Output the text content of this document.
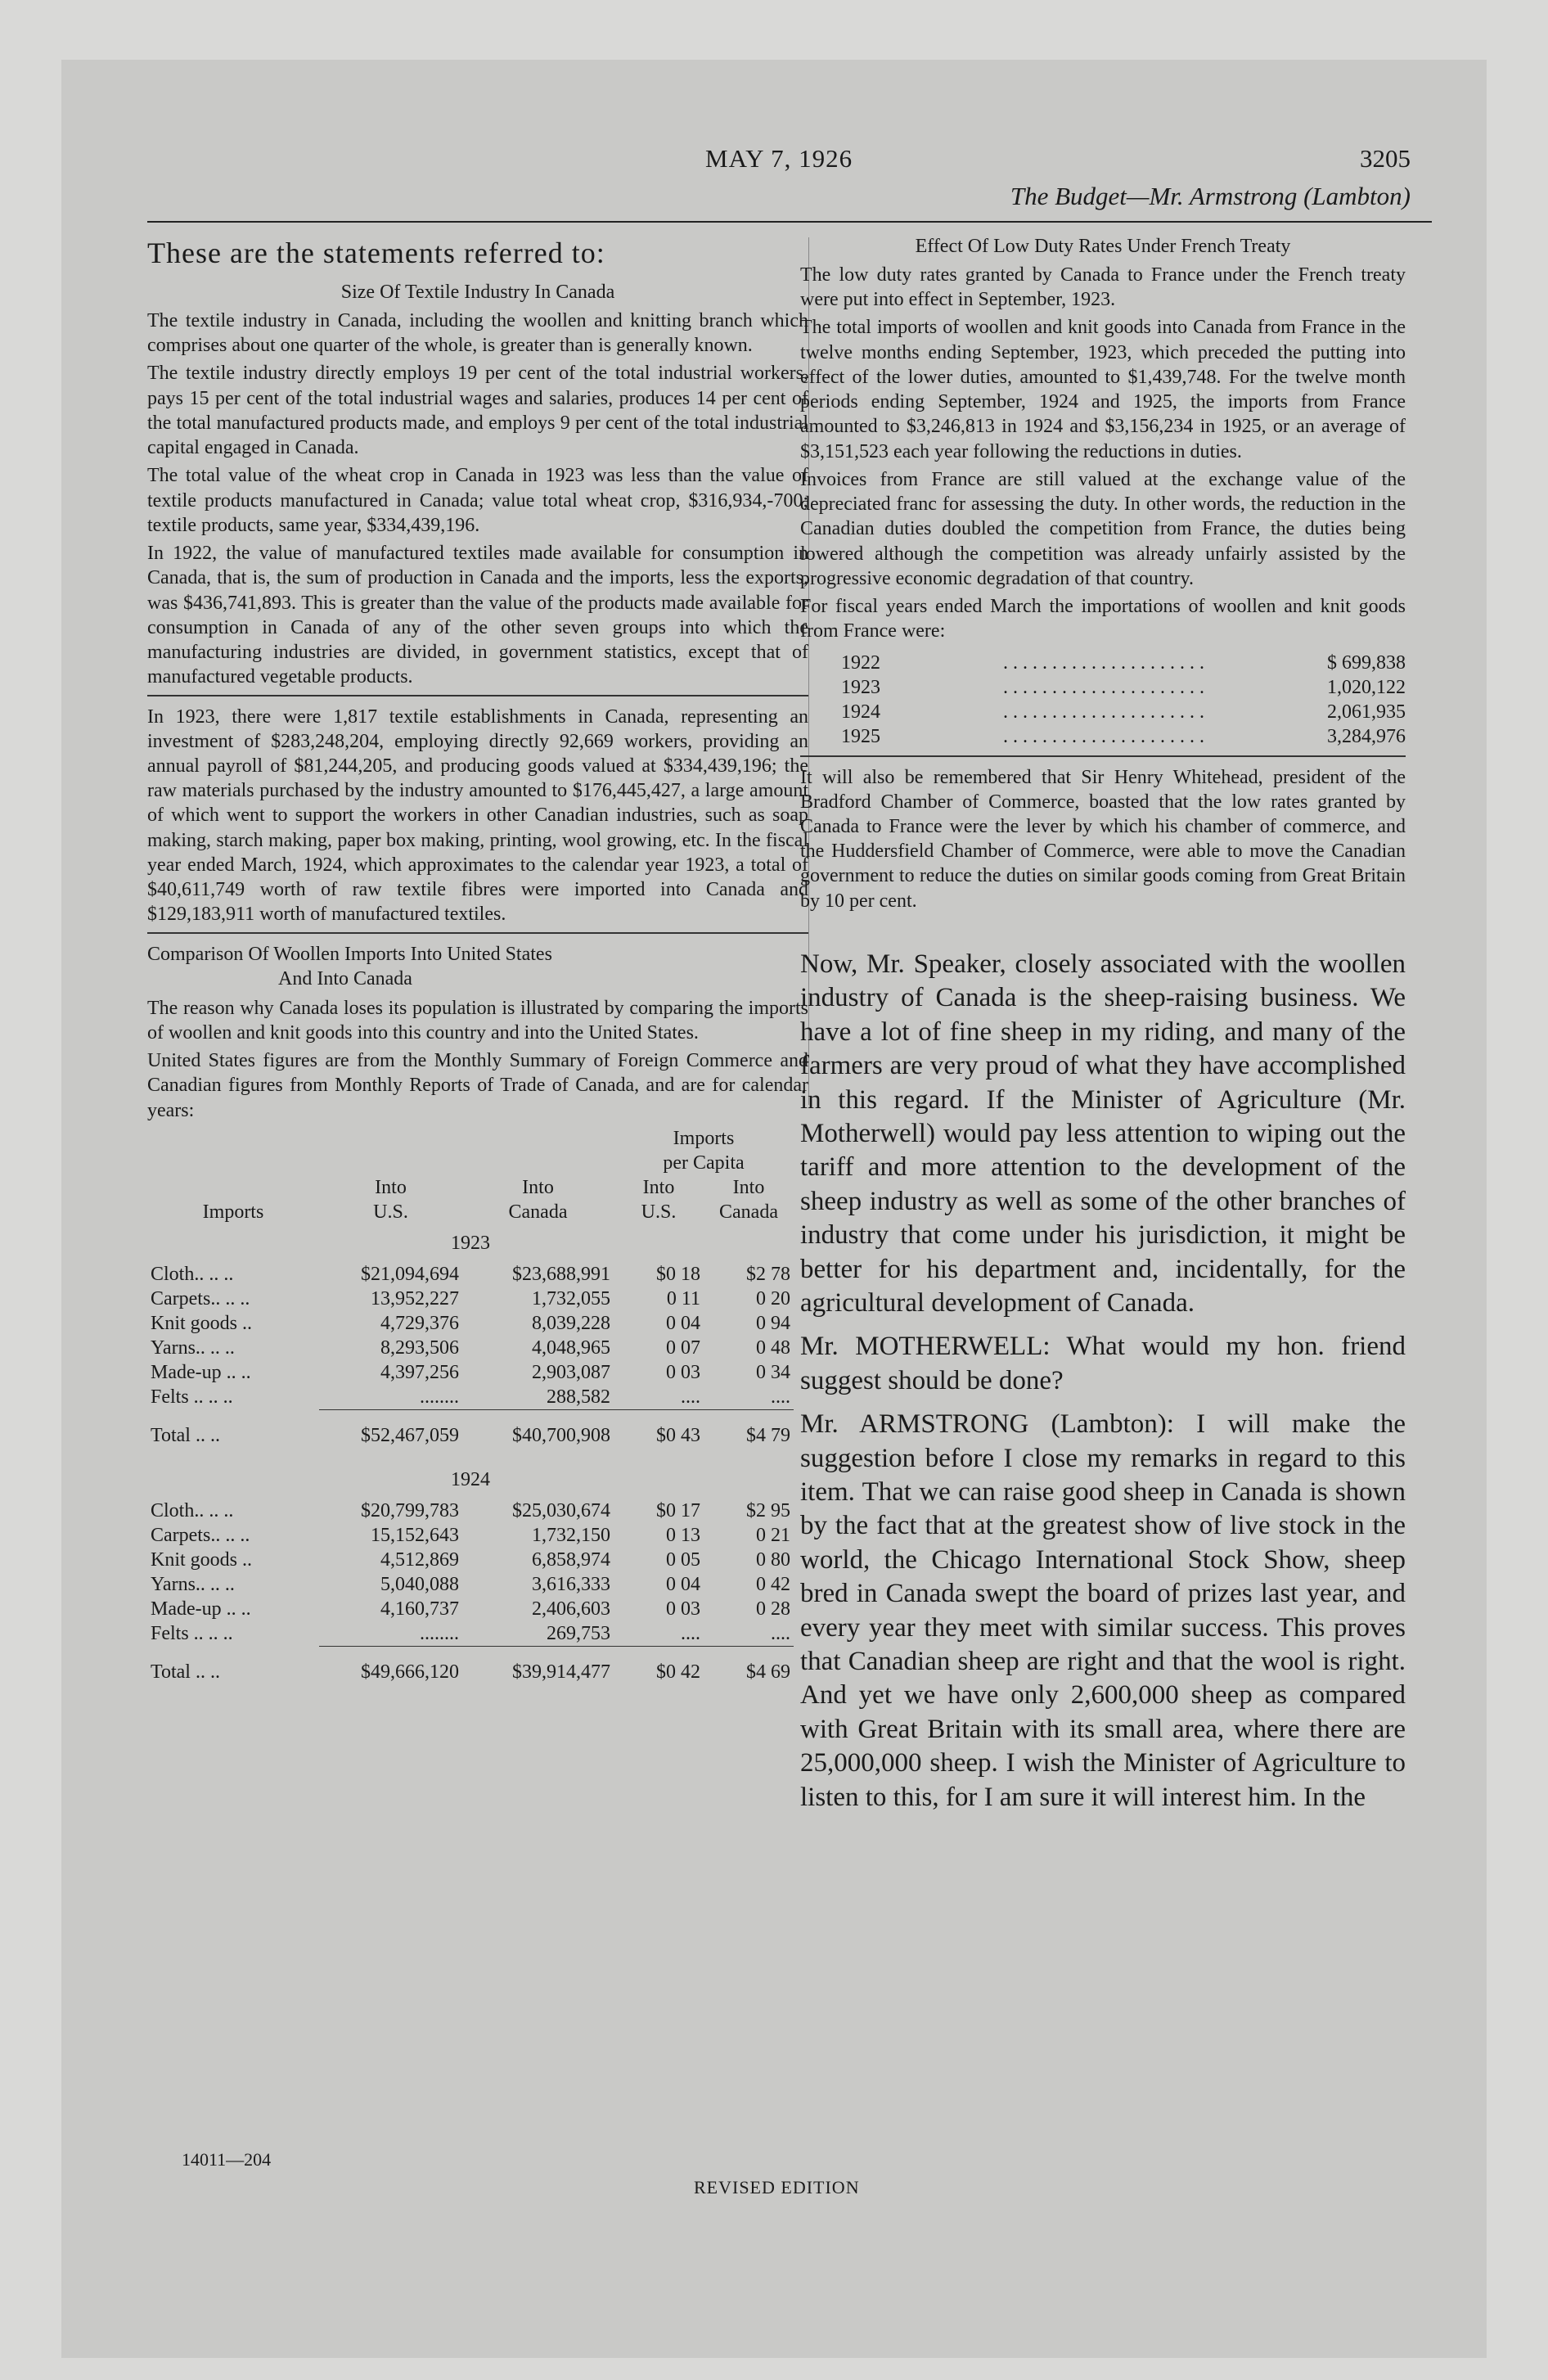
MAY 7, 1926	3205
The Budget—Mr. Armstrong (Lambton)
These are the statements referred to:
Size Of Textile Industry In Canada

The textile industry in Canada, including the woollen and knitting branch which comprises about one quarter of the whole, is greater than is generally known.

The textile industry directly employs 19 per cent of the total industrial workers, pays 15 per cent of the total industrial wages and salaries, produces 14 per cent of the total manufactured products made, and employs 9 per cent of the total industrial capital engaged in Canada.

The total value of the wheat crop in Canada in 1923 was less than the value of textile products manufactured in Canada; value total wheat crop, $316,934,-700; textile products, same year, $334,439,196.

In 1922, the value of manufactured textiles made available for consumption in Canada, that is, the sum of production in Canada and the imports, less the exports, was $436,741,893. This is greater than the value of the products made available for consumption in Canada of any of the other seven groups into which the manufacturing industries are divided, in government statistics, except that of manufactured vegetable products.

In 1923, there were 1,817 textile establishments in Canada, representing an investment of $283,248,204, employing directly 92,669 workers, providing an annual payroll of $81,244,205, and producing goods valued at $334,439,196; the raw materials purchased by the industry amounted to $176,445,427, a large amount of which went to support the workers in other Canadian industries, such as soap making, starch making, paper box making, printing, wool growing, etc. In the fiscal year ended March, 1924, which approximates to the calendar year 1923, a total of $40,611,749 worth of raw textile fibres were imported into Canada and $129,183,911 worth of manufactured textiles.

Comparison Of Woollen Imports Into United States
And Into Canada

The reason why Canada loses its population is illustrated by comparing the imports of woollen and knit goods into this country and into the United States.

United States figures are from the Monthly Summary of Foreign Commerce and Canadian figures from Monthly Reports of Trade of Canada, and are for calendar years:

			Imports	
			per Capita	
	Into	Into	Into	Into
Imports	U.S.	Canada	U.S.	Canada
1923				
Cloth.. .. ..	$21,094,694	$23,688,991	$0 18	$2 78
Carpets.. .. ..	13,952,227	1,732,055	0 11	0 20
Knit goods ..	4,729,376	8,039,228	0 04	0 94
Yarns.. .. ..	8,293,506	4,048,965	0 07	0 48
Made-up .. ..	4,397,256	2,903,087	0 03	0 34
Felts .. .. ..	........	288,582	....	....
Total .. ..	$52,467,059	$40,700,908	$0 43	$4 79
1924				
Cloth.. .. ..	$20,799,783	$25,030,674	$0 17	$2 95
Carpets.. .. ..	15,152,643	1,732,150	0 13	0 21
Knit goods ..	4,512,869	6,858,974	0 05	0 80
Yarns.. .. ..	5,040,088	3,616,333	0 04	0 42
Made-up .. ..	4,160,737	2,406,603	0 03	0 28
Felts .. .. ..	........	269,753	....	....
Total .. ..	$49,666,120	$39,914,477	$0 42	$4 69
Effect Of Low Duty Rates Under French Treaty

The low duty rates granted by Canada to France under the French treaty were put into effect in September, 1923.

The total imports of woollen and knit goods into Canada from France in the twelve months ending September, 1923, which preceded the putting into effect of the lower duties, amounted to $1,439,748. For the twelve month periods ending September, 1924 and 1925, the imports from France amounted to $3,246,813 in 1924 and $3,156,234 in 1925, or an average of $3,151,523 each year following the reductions in duties.

Invoices from France are still valued at the exchange value of the depreciated franc for assessing the duty. In other words, the reduction in the Canadian duties doubled the competition from France, the duties being lowered although the competition was already unfairly assisted by the progressive economic degradation of that country.

For fiscal years ended March the importations of woollen and knit goods from France were:

1922	. . . . . . . . . . . . . . . . . . . . .	$ 699,838
1923	. . . . . . . . . . . . . . . . . . . . .	1,020,122
1924	. . . . . . . . . . . . . . . . . . . . .	2,061,935
1925	. . . . . . . . . . . . . . . . . . . . .	3,284,976

It will also be remembered that Sir Henry Whitehead, president of the Bradford Chamber of Commerce, boasted that the low rates granted by Canada to France were the lever by which his chamber of commerce, and the Huddersfield Chamber of Commerce, were able to move the Canadian government to reduce the duties on similar goods coming from Great Britain by 10 per cent.

Now, Mr. Speaker, closely associated with the woollen industry of Canada is the sheep-raising business. We have a lot of fine sheep in my riding, and many of the farmers are very proud of what they have accomplished in this regard. If the Minister of Agriculture (Mr. Motherwell) would pay less attention to wiping out the tariff and more attention to the development of the sheep industry as well as some of the other branches of industry that come under his jurisdiction, it might be better for his department and, incidentally, for the agricultural development of Canada.

Mr. MOTHERWELL: What would my hon. friend suggest should be done?

Mr. ARMSTRONG (Lambton): I will make the suggestion before I close my remarks in regard to this item. That we can raise good sheep in Canada is shown by the fact that at the greatest show of live stock in the world, the Chicago International Stock Show, sheep bred in Canada swept the board of prizes last year, and every year they meet with similar success. This proves that Canadian sheep are right and that the wool is right. And yet we have only 2,600,000 sheep as compared with Great Britain with its small area, where there are 25,000,000 sheep. I wish the Minister of Agriculture to listen to this, for I am sure it will interest him. In the

14011—204
REVISED EDITION
